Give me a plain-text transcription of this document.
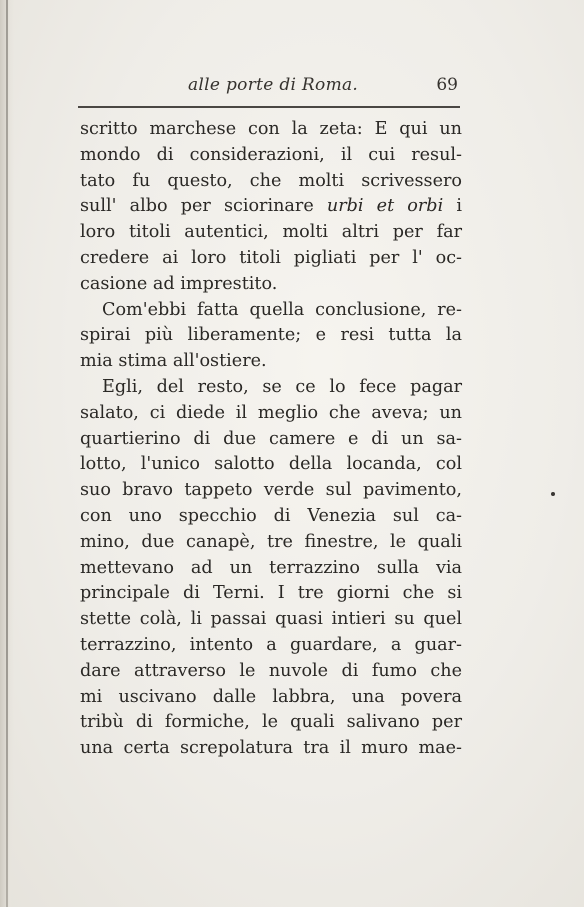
alle porte di Roma.	69
scritto marchese con la zeta: E qui un
mondo di considerazioni, il cui resul-
tato fu questo, che molti scrivessero
sull' albo per sciorinare urbi et orbi i
loro titoli autentici, molti altri per far
credere ai loro titoli pigliati per l' oc-
casione ad imprestito.
Com'ebbi fatta quella conclusione, re-
spirai più liberamente; e resi tutta la
mia stima all'ostiere.
Egli, del resto, se ce lo fece pagar
salato, ci diede il meglio che aveva; un
quartierino di due camere e di un sa-
lotto, l'unico salotto della locanda, col
suo bravo tappeto verde sul pavimento,
con uno specchio di Venezia sul ca-
mino, due canapè, tre finestre, le quali
mettevano ad un terrazzino sulla via
principale di Terni. I tre giorni che si
stette colà, li passai quasi intieri su quel
terrazzino, intento a guardare, a guar-
dare attraverso le nuvole di fumo che
mi uscivano dalle labbra, una povera
tribù di formiche, le quali salivano per
una certa screpolatura tra il muro mae-
